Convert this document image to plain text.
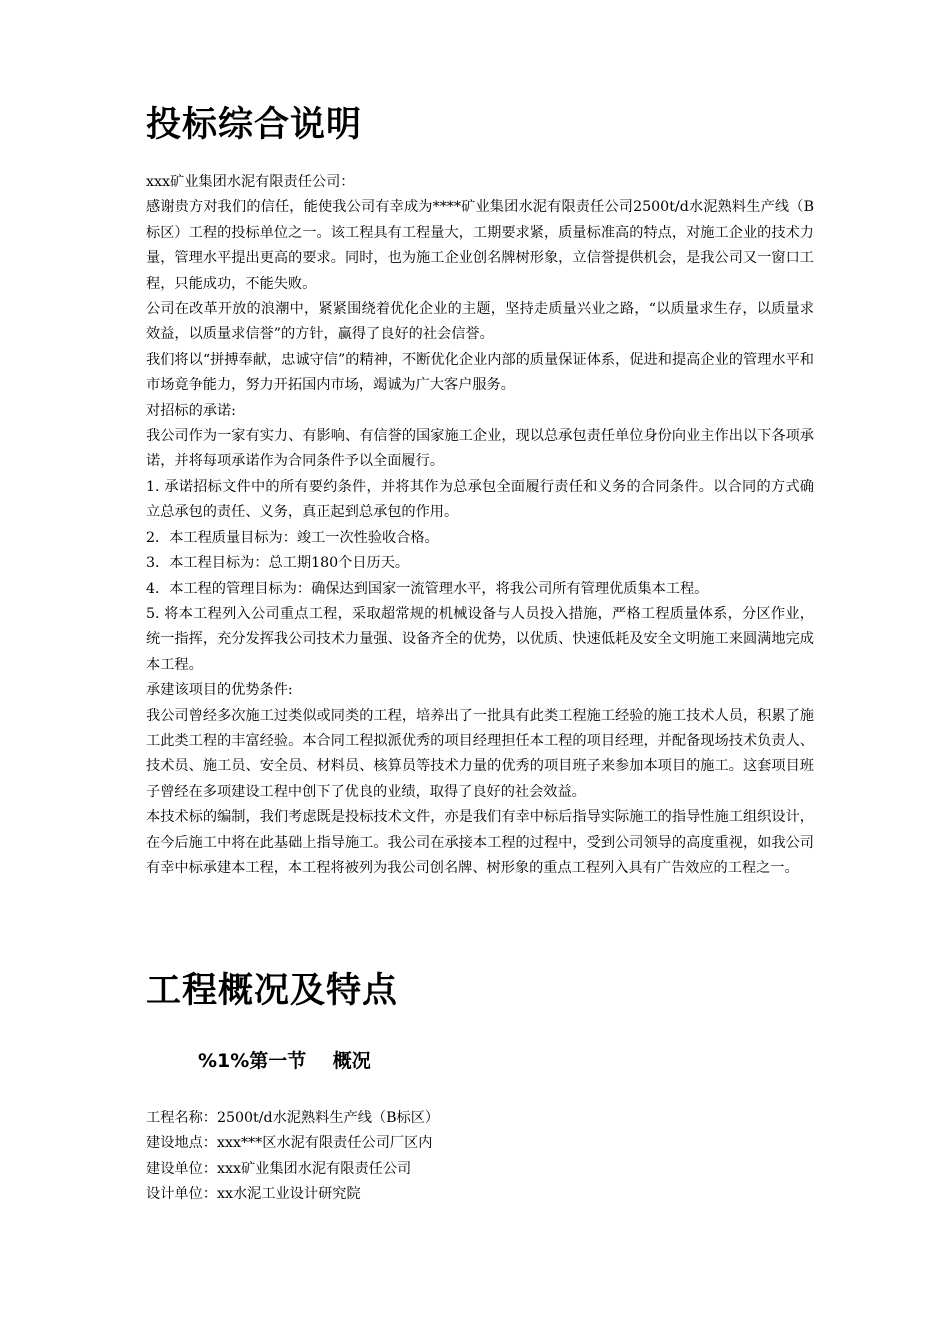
投标综合说明

xxx矿业集团水泥有限责任公司：

感谢贵方对我们的信任，能使我公司有幸成为****矿业集团水泥有限责任公司2500t/d水泥熟料生产线（B标区）工程的投标单位之一。该工程具有工程量大，工期要求紧，质量标准高的特点，对施工企业的技术力量，管理水平提出更高的要求。同时，也为施工企业创名牌树形象，立信誉提供机会，是我公司又一窗口工程，只能成功，不能失败。

公司在改革开放的浪潮中，紧紧围绕着优化企业的主题，坚持走质量兴业之路，“以质量求生存，以质量求效益，以质量求信誉”的方针，赢得了良好的社会信誉。

我们将以“拼搏奉献，忠诚守信”的精神，不断优化企业内部的质量保证体系，促进和提高企业的管理水平和市场竟争能力，努力开拓国内市场，竭诚为广大客户服务。

对招标的承诺:

我公司作为一家有实力、有影响、有信誉的国家施工企业，现以总承包责任单位身份向业主作出以下各项承诺，并将每项承诺作为合同条件予以全面履行。

1. 承诺招标文件中的所有要约条件，并将其作为总承包全面履行责任和义务的合同条件。以合同的方式确立总承包的责任、义务，真正起到总承包的作用。

2．本工程质量目标为：竣工一次性验收合格。

3．本工程目标为：总工期180个日历天。

4．本工程的管理目标为：确保达到国家一流管理水平，将我公司所有管理优质集本工程。

5. 将本工程列入公司重点工程，采取超常规的机械设备与人员投入措施，严格工程质量体系，分区作业，统一指挥，充分发挥我公司技术力量强、设备齐全的优势，以优质、快速低耗及安全文明施工来圆满地完成本工程。

承建该项目的优势条件:

我公司曾经多次施工过类似或同类的工程，培养出了一批具有此类工程施工经验的施工技术人员，积累了施工此类工程的丰富经验。本合同工程拟派优秀的项目经理担任本工程的项目经理，并配备现场技术负责人、技术员、施工员、安全员、材料员、核算员等技术力量的优秀的项目班子来参加本项目的施工。这套项目班子曾经在多项建设工程中创下了优良的业绩，取得了良好的社会效益。

本技术标的编制，我们考虑既是投标技术文件，亦是我们有幸中标后指导实际施工的指导性施工组织设计，在今后施工中将在此基础上指导施工。我公司在承接本工程的过程中，受到公司领导的高度重视，如我公司有幸中标承建本工程，本工程将被列为我公司创名牌、树形象的重点工程列入具有广告效应的工程之一。

工程概况及特点
%1%第一节    概况

工程名称：2500t/d水泥熟料生产线（B标区）

建设地点：xxx***区水泥有限责任公司厂区内

建设单位：xxx矿业集团水泥有限责任公司

设计单位：xx水泥工业设计研究院
